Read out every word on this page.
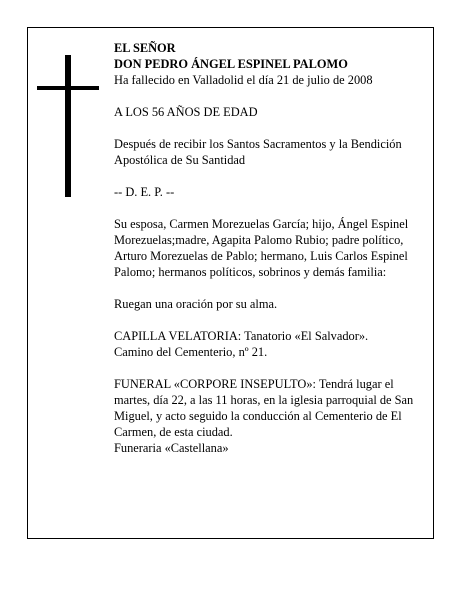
EL SEÑOR

DON PEDRO ÁNGEL ESPINEL PALOMO

Ha fallecido en Valladolid el día 21 de julio de 2008

A LOS 56 AÑOS DE EDAD

Después de recibir los Santos Sacramentos y la Bendición Apostólica de Su Santidad

-- D. E. P. --

Su esposa, Carmen Morezuelas García; hijo, Ángel Espinel Morezuelas;madre, Agapita Palomo Rubio; padre político, Arturo Morezuelas de Pablo; hermano, Luis Carlos Espinel Palomo; hermanos políticos, sobrinos y demás familia:

Ruegan una oración por su alma.

CAPILLA VELATORIA: Tanatorio «El Salvador».

Camino del Cementerio, nº 21.

FUNERAL «CORPORE INSEPULTO»: Tendrá lugar el martes, día 22, a las 11 horas, en la iglesia parroquial de San Miguel, y acto seguido la conducción al Cementerio de El Carmen, de esta ciudad.

Funeraria «Castellana»
